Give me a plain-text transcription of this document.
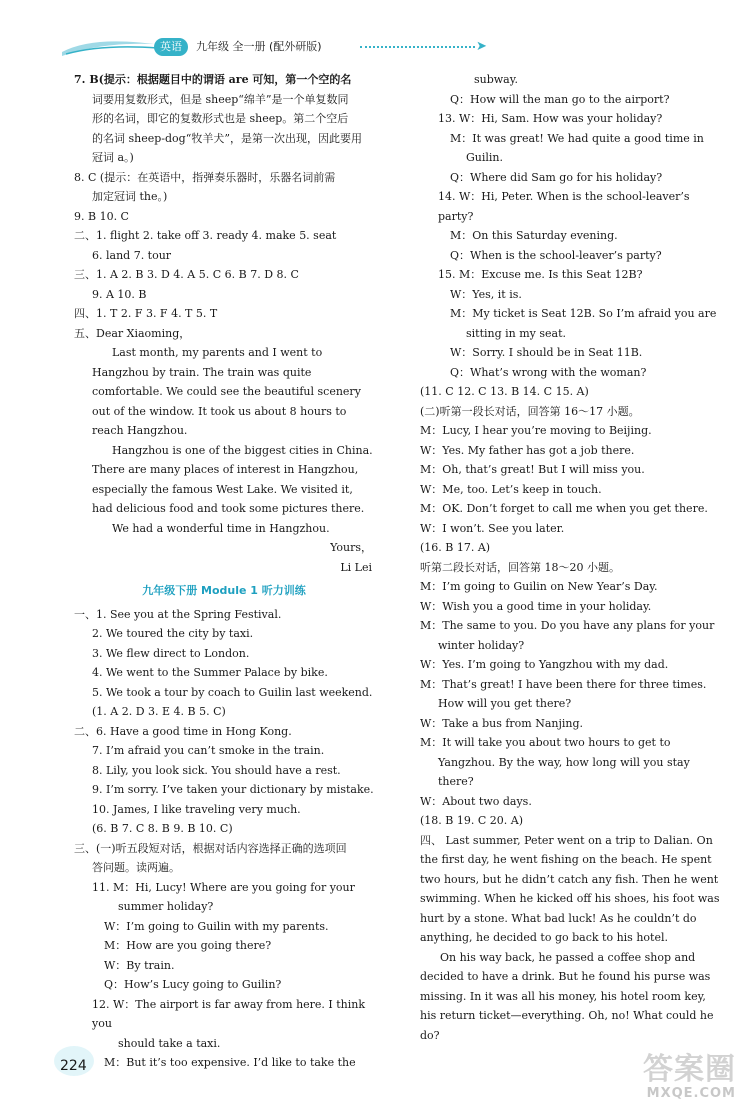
英语	九年级 全一册 (配外研版)	➤

7. B(提示：根据题目中的谓语 are 可知，第一个空的名

词要用复数形式，但是 sheep“绵羊”是一个单复数同

形的名词，即它的复数形式也是 sheep。第二个空后

的名词 sheep-dog“牧羊犬”，是第一次出现，因此要用

冠词 a。)

8. C (提示：在英语中，指弹奏乐器时，乐器名词前需

加定冠词 the。)

9. B 10. C

二、1. flight 2. take off 3. ready 4. make 5. seat

6. land 7. tour

三、1. A 2. B 3. D 4. A 5. C 6. B 7. D 8. C

9. A 10. B

四、1. T 2. F 3. F 4. T 5. T

五、Dear Xiaoming，

Last month, my parents and I went to Hangzhou by train. The train was quite comfortable. We could see the beautiful scenery out of the window. It took us about 8 hours to reach Hangzhou.

Hangzhou is one of the biggest cities in China. There are many places of interest in Hangzhou, especially the famous West Lake. We visited it, had delicious food and took some pictures there.

We had a wonderful time in Hangzhou.

Yours，

Li Lei

九年级下册 Module 1 听力训练

一、1. See you at the Spring Festival.

2. We toured the city by taxi.

3. We flew direct to London.

4. We went to the Summer Palace by bike.

5. We took a tour by coach to Guilin last weekend.

(1. A 2. D 3. E 4. B 5. C)

二、6. Have a good time in Hong Kong.

7. I’m afraid you can’t smoke in the train.

8. Lily, you look sick. You should have a rest.

9. I’m sorry. I’ve taken your dictionary by mistake.

10. James, I like traveling very much.

(6. B 7. C 8. B 9. B 10. C)

三、(一)听五段短对话，根据对话内容选择正确的选项回

答问题。读两遍。

11. M：Hi, Lucy! Where are you going for your

summer holiday?

W：I’m going to Guilin with my parents.

M：How are you going there?

W：By train.

Q：How’s Lucy going to Guilin?

12. W：The airport is far away from here. I think you

should take a taxi.

M：But it’s too expensive. I’d like to take the

subway.

Q：How will the man go to the airport?

13. W：Hi, Sam. How was your holiday?

M：It was great! We had quite a good time in

Guilin.

Q：Where did Sam go for his holiday?

14. W：Hi, Peter. When is the school-leaver’s party?

M：On this Saturday evening.

Q：When is the school-leaver’s party?

15. M：Excuse me. Is this Seat 12B?

W：Yes, it is.

M：My ticket is Seat 12B. So I’m afraid you are

sitting in my seat.

W：Sorry. I should be in Seat 11B.

Q：What’s wrong with the woman?

(11. C 12. C 13. B 14. C 15. A)

(二)听第一段长对话，回答第 16～17 小题。

M：Lucy, I hear you’re moving to Beijing.

W：Yes. My father has got a job there.

M：Oh, that’s great! But I will miss you.

W：Me, too. Let’s keep in touch.

M：OK. Don’t forget to call me when you get there.

W：I won’t. See you later.

(16. B 17. A)

听第二段长对话，回答第 18～20 小题。

M：I’m going to Guilin on New Year’s Day.

W：Wish you a good time in your holiday.

M：The same to you. Do you have any plans for your

winter holiday?

W：Yes. I’m going to Yangzhou with my dad.

M：That’s great! I have been there for three times.

How will you get there?

W：Take a bus from Nanjing.

M：It will take you about two hours to get to

Yangzhou. By the way, how long will you stay

there?

W：About two days.

(18. B 19. C 20. A)

四、 Last summer, Peter went on a trip to Dalian. On the first day, he went fishing on the beach. He spent two hours, but he didn’t catch any fish. Then he went swimming. When he kicked off his shoes, his foot was hurt by a stone. What bad luck! As he couldn’t do anything, he decided to go back to his hotel.

On his way back, he passed a coffee shop and decided to have a drink. But he found his purse was missing. In it was all his money, his hotel room key, his return ticket—everything. Oh, no! What could he do?

224	答案圈
MXQE.COM
